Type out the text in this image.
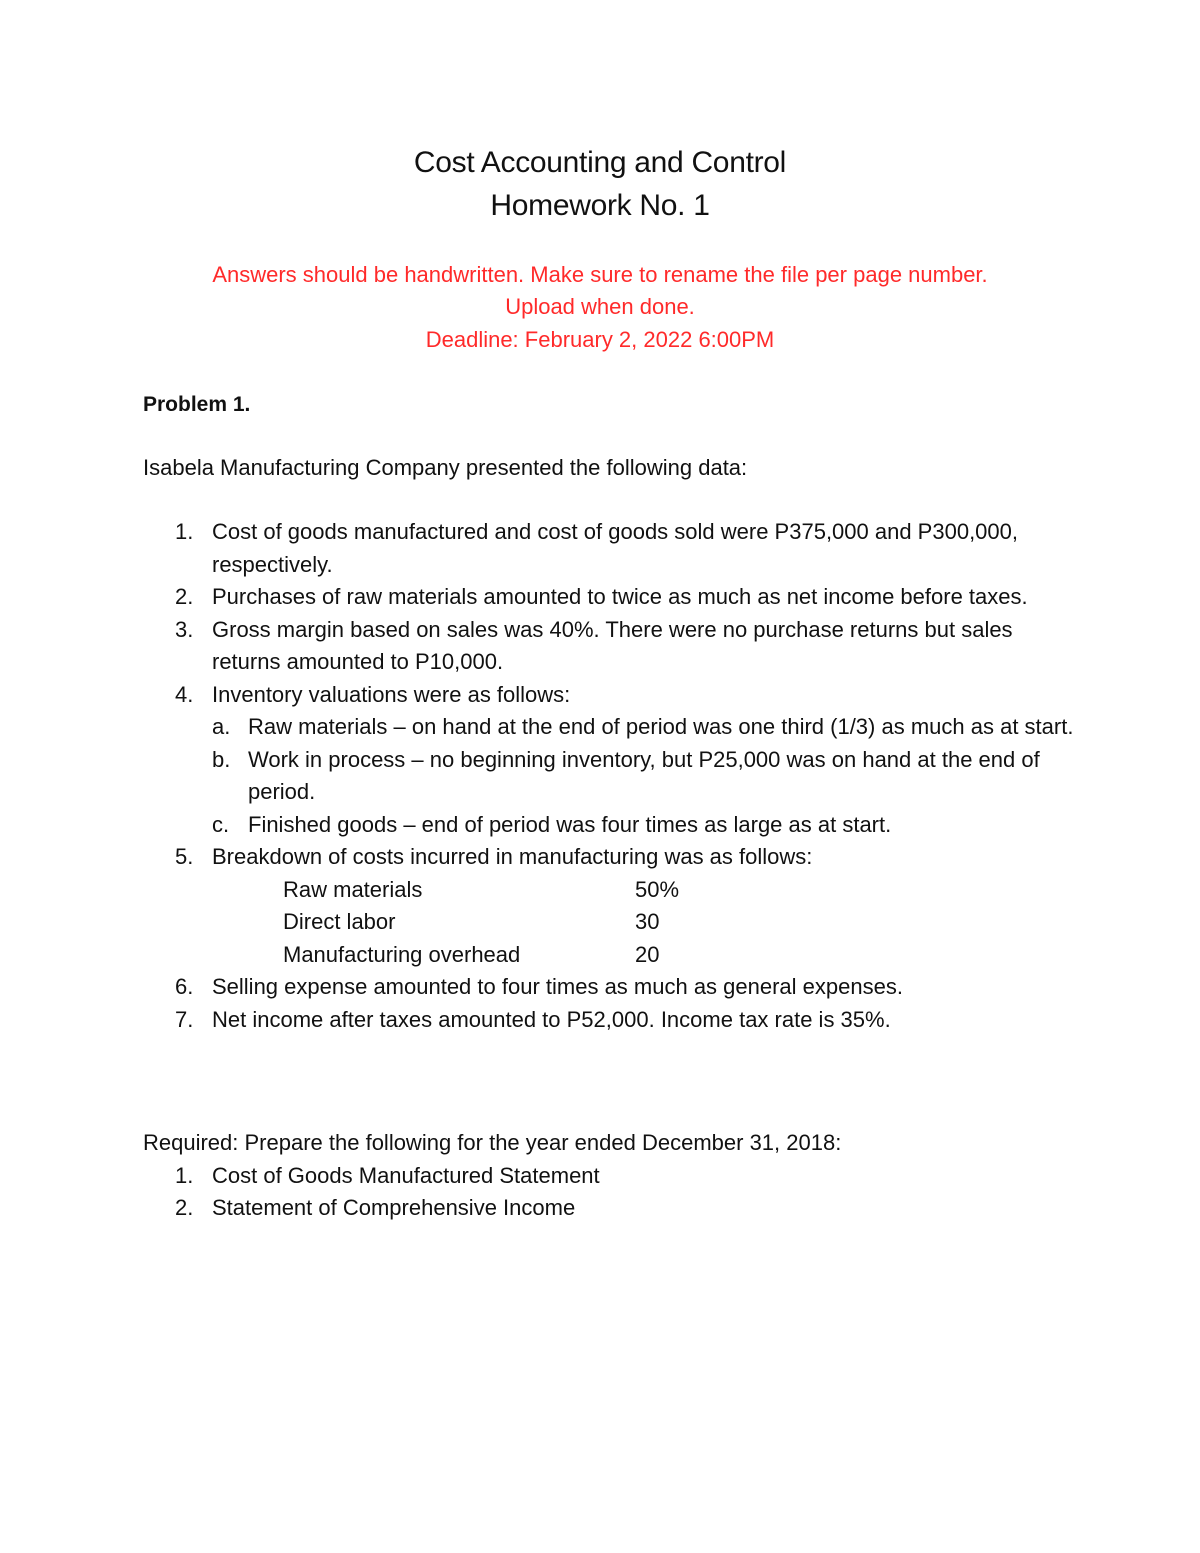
Cost Accounting and Control
Homework No. 1
Answers should be handwritten. Make sure to rename the file per page number.
Upload when done.
Deadline: February 2, 2022 6:00PM
Problem 1.
Isabela Manufacturing Company presented the following data:
1. Cost of goods manufactured and cost of goods sold were P375,000 and P300,000, respectively.
2. Purchases of raw materials amounted to twice as much as net income before taxes.
3. Gross margin based on sales was 40%. There were no purchase returns but sales returns amounted to P10,000.
4. Inventory valuations were as follows:
a. Raw materials – on hand at the end of period was one third (1/3) as much as at start.
b. Work in process – no beginning inventory, but P25,000 was on hand at the end of period.
c. Finished goods – end of period was four times as large as at start.
5. Breakdown of costs incurred in manufacturing was as follows:
Raw materials	50%
Direct labor	30
Manufacturing overhead	20
6. Selling expense amounted to four times as much as general expenses.
7. Net income after taxes amounted to P52,000. Income tax rate is 35%.
Required: Prepare the following for the year ended December 31, 2018:
1. Cost of Goods Manufactured Statement
2. Statement of Comprehensive Income
